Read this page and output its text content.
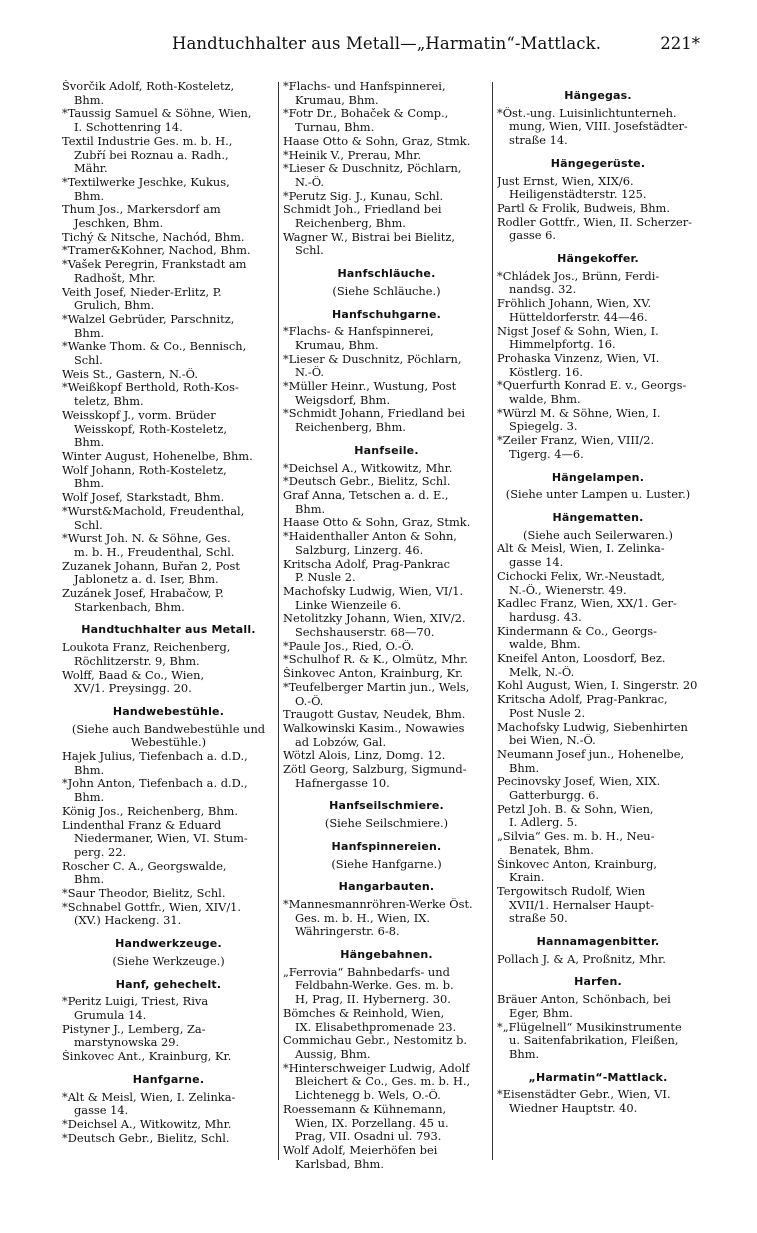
Handtuchhalter aus Metall—„Harmatin“-Mattlack.	221*
Švorčik Adolf, Roth-Kosteletz,
Bhm.
*Taussig Samuel & Söhne, Wien,
I. Schottenring 14.
Textil Industrie Ges. m. b. H.,
Zubří bei Roznau a. Radh.,
Mähr.
*Textilwerke Jeschke, Kukus,
Bhm.
Thum Jos., Markersdorf am
Jeschken, Bhm.
Tichý & Nitsche, Nachód, Bhm.
*Tramer&Kohner, Nachod, Bhm.
*Vašek Peregrin, Frankstadt am
Radhošt, Mhr.
Veith Josef, Nieder-Erlitz, P.
Grulich, Bhm.
*Walzel Gebrüder, Parschnitz,
Bhm.
*Wanke Thom. & Co., Bennisch,
Schl.
Weis St., Gastern, N.-Ö.
*Weißkopf Berthold, Roth-Kos-
teletz, Bhm.
Weisskopf J., vorm. Brüder
Weisskopf, Roth-Kosteletz,
Bhm.
Winter August, Hohenelbe, Bhm.
Wolf Johann, Roth-Kosteletz,
Bhm.
Wolf Josef, Starkstadt, Bhm.
*Wurst&Machold, Freudenthal,
Schl.
*Wurst Joh. N. & Söhne, Ges.
m. b. H., Freudenthal, Schl.
Zuzanek Johann, Buřan 2, Post
Jablonetz a. d. Iser, Bhm.
Zuzánek Josef, Hrabačow, P.
Starkenbach, Bhm.
Handtuchhalter aus Metall.
Loukota Franz, Reichenberg,
Röchlitzerstr. 9, Bhm.
Wolff, Baad & Co., Wien,
XV/1. Preysingg. 20.
Handwebestühle.
(Siehe auch Bandwebestühle und
Webestühle.)
Hajek Julius, Tiefenbach a. d.D.,
Bhm.
*John Anton, Tiefenbach a. d.D.,
Bhm.
König Jos., Reichenberg, Bhm.
Lindenthal Franz & Eduard
Niedermaner, Wien, VI. Stum-
perg. 22.
Roscher C. A., Georgswalde,
Bhm.
*Saur Theodor, Bielitz, Schl.
*Schnabel Gottfr., Wien, XIV/1.
(XV.) Hackeng. 31.
Handwerkzeuge.
(Siehe Werkzeuge.)
Hanf, gehechelt.
*Peritz Luigi, Triest, Riva
Grumula 14.
Pistyner J., Lemberg, Za-
marstynowska 29.
Šinkovec Ant., Krainburg, Kr.
Hanfgarne.
*Alt & Meisl, Wien, I. Zelinka-
gasse 14.
*Deichsel A., Witkowitz, Mhr.
*Deutsch Gebr., Bielitz, Schl.
*Flachs- und Hanfspinnerei,
Krumau, Bhm.
*Fotr Dr., Bohaček & Comp.,
Turnau, Bhm.
Haase Otto & Sohn, Graz, Stmk.
*Heinik V., Prerau, Mhr.
*Lieser & Duschnitz, Pöchlarn,
N.-Ö.
*Perutz Sig. J., Kunau, Schl.
Schmidt Joh., Friedland bei
Reichenberg, Bhm.
Wagner W., Bistrai bei Bielitz,
Schl.
Hanfschläuche.
(Siehe Schläuche.)
Hanfschuhgarne.
*Flachs- & Hanfspinnerei,
Krumau, Bhm.
*Lieser & Duschnitz, Pöchlarn,
N.-Ö.
*Müller Heinr., Wustung, Post
Weigsdorf, Bhm.
*Schmidt Johann, Friedland bei
Reichenberg, Bhm.
Hanfseile.
*Deichsel A., Witkowitz, Mhr.
*Deutsch Gebr., Bielitz, Schl.
Graf Anna, Tetschen a. d. E.,
Bhm.
Haase Otto & Sohn, Graz, Stmk.
*Haidenthaller Anton & Sohn,
Salzburg, Linzerg. 46.
Kritscha Adolf, Prag-Pankrac
P. Nusle 2.
Machofsky Ludwig, Wien, VI/1.
Linke Wienzeile 6.
Netolitzky Johann, Wien, XIV/2.
Sechshauserstr. 68—70.
*Paule Jos., Ried, O.-Ö.
*Schulhof R. & K., Olmütz, Mhr.
Šinkovec Anton, Krainburg, Kr.
*Teufelberger Martin jun., Wels,
O.-Ö.
Traugott Gustav, Neudek, Bhm.
Walkowinski Kasim., Nowawies
ad Lobzów, Gal.
Wötzl Alois, Linz, Domg. 12.
Zötl Georg, Salzburg, Sigmund-
Hafnergasse 10.
Hanfseilschmiere.
(Siehe Seilschmiere.)
Hanfspinnereien.
(Siehe Hanfgarne.)
Hangarbauten.
*Mannesmannröhren-Werke Öst.
Ges. m. b. H., Wien, IX.
Währingerstr. 6-8.
Hängebahnen.
„Ferrovia“ Bahnbedarfs- und
Feldbahn-Werke. Ges. m. b.
H, Prag, II. Hybernerg. 30.
Bömches & Reinhold, Wien,
IX. Elisabethpromenade 23.
Commichau Gebr., Nestomitz b.
Aussig, Bhm.
*Hinterschweiger Ludwig, Adolf
Bleichert & Co., Ges. m. b. H.,
Lichtenegg b. Wels, O.-Ö.
Roessemann & Kühnemann,
Wien, IX. Porzellang. 45 u.
Prag, VII. Osadni ul. 793.
Wolf Adolf, Meierhöfen bei
Karlsbad, Bhm.
Hängegas.
*Öst.-ung. Luisinlichtunterneh.
mung, Wien, VIII. Josefstädter-
straße 14.
Hängegerüste.
Just Ernst, Wien, XIX/6.
Heiligenstädterstr. 125.
Partl & Frolik, Budweis, Bhm.
Rodler Gottfr., Wien, II. Scherzer-
gasse 6.
Hängekoffer.
*Chládek Jos., Brünn, Ferdi-
nandsg. 32.
Fröhlich Johann, Wien, XV.
Hütteldorferstr. 44—46.
Nigst Josef & Sohn, Wien, I.
Himmelpfortg. 16.
Prohaska Vinzenz, Wien, VI.
Köstlerg. 16.
*Querfurth Konrad E. v., Georgs-
walde, Bhm.
*Würzl M. & Söhne, Wien, I.
Spiegelg. 3.
*Zeiler Franz, Wien, VIII/2.
Tigerg. 4—6.
Hängelampen.
(Siehe unter Lampen u. Luster.)
Hängematten.
(Siehe auch Seilerwaren.)
Alt & Meisl, Wien, I. Zelinka-
gasse 14.
Cichocki Felix, Wr.-Neustadt,
N.-Ö., Wienerstr. 49.
Kadlec Franz, Wien, XX/1. Ger-
hardusg. 43.
Kindermann & Co., Georgs-
walde, Bhm.
Kneifel Anton, Loosdorf, Bez.
Melk, N.-Ö.
Kohl August, Wien, I. Singerstr. 20
Kritscha Adolf, Prag-Pankrac,
Post Nusle 2.
Machofsky Ludwig, Siebenhirten
bei Wien, N.-Ö.
Neumann Josef jun., Hohenelbe,
Bhm.
Pecinovsky Josef, Wien, XIX.
Gatterburgg. 6.
Petzl Joh. B. & Sohn, Wien,
I. Adlerg. 5.
„Silvia“ Ges. m. b. H., Neu-
Benatek, Bhm.
Šinkovec Anton, Krainburg,
Krain.
Tergowitsch Rudolf, Wien
XVII/1. Hernalser Haupt-
straße 50.
Hannamagenbitter.
Pollach J. & A, Proßnitz, Mhr.
Harfen.
Bräuer Anton, Schönbach, bei
Eger, Bhm.
*„Flügelnell“ Musikinstrumente
u. Saitenfabrikation, Fleißen,
Bhm.
„Harmatin“-Mattlack.
*Eisenstädter Gebr., Wien, VI.
Wiedner Hauptstr. 40.
